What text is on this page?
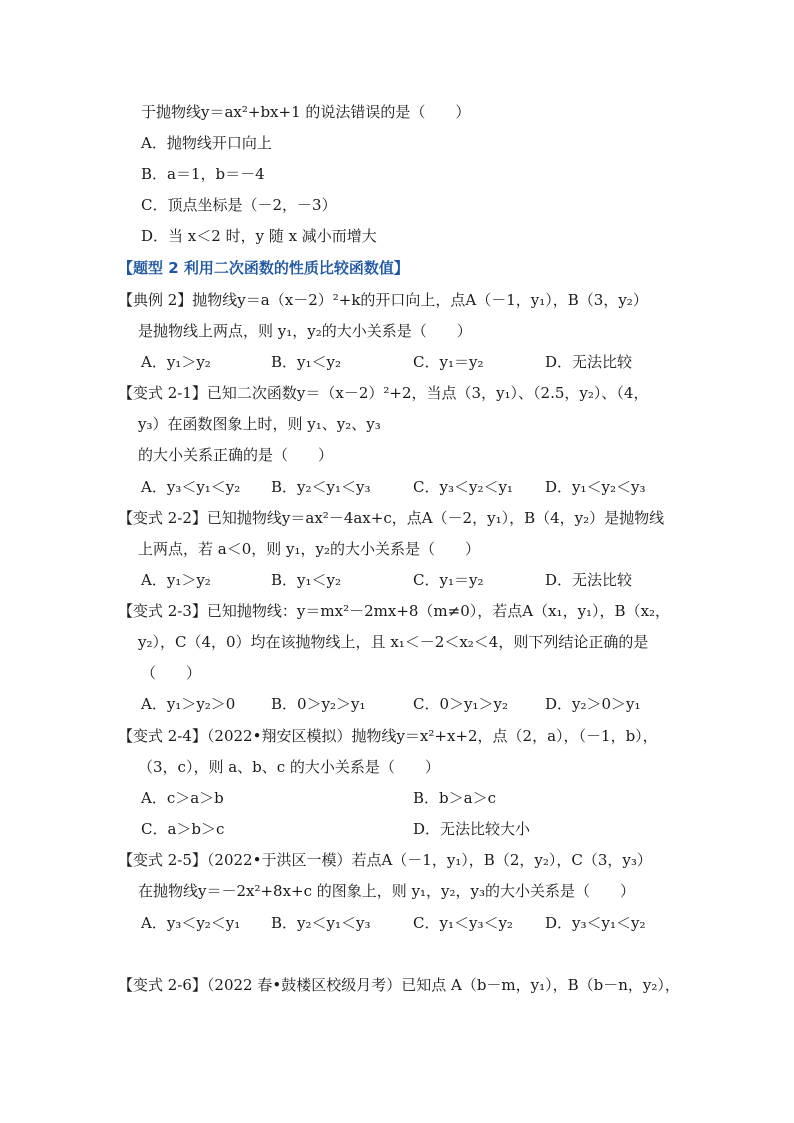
于抛物线y＝ax²+bx+1 的说法错误的是（　　）
A．抛物线开口向上
B．a＝1，b＝－4
C．顶点坐标是（－2，－3）
D．当 x＜2 时，y 随 x 减小而增大
【题型 2 利用二次函数的性质比较函数值】
【典例 2】抛物线y＝a（x－2）²+k的开口向上，点A（－1，y₁），B（3，y₂）
是抛物线上两点，则 y₁，y₂的大小关系是（　　）
A．y₁＞y₂	B．y₁＜y₂	C．y₁＝y₂	D．无法比较
【变式 2-1】已知二次函数y＝（x－2）²+2，当点（3，y₁）、（2.5，y₂）、（4，
y₃）在函数图象上时，则 y₁、y₂、y₃
的大小关系正确的是（　　）
A．y₃＜y₁＜y₂ B．y₂＜y₁＜y₃	C．y₃＜y₂＜y₁ D．y₁＜y₂＜y₃
【变式 2-2】已知抛物线y＝ax²－4ax+c，点A（－2，y₁），B（4，y₂）是抛物线
上两点，若 a＜0，则 y₁，y₂的大小关系是（　　）
A．y₁＞y₂	B．y₁＜y₂	C．y₁＝y₂	D．无法比较
【变式 2-3】已知抛物线：y＝mx²－2mx+8（m≠0），若点A（x₁，y₁），B（x₂，
y₂），C（4，0）均在该抛物线上，且 x₁＜－2＜x₂＜4，则下列结论正确的是
（　　）
A．y₁＞y₂＞0 B．0＞y₂＞y₁	C．0＞y₁＞y₂ D．y₂＞0＞y₁
【变式 2-4】（2022•翔安区模拟）抛物线y＝x²+x+2，点（2，a），（－1，b），
（3，c），则 a、b、c 的大小关系是（　　）
A．c＞a＞b	B．b＞a＞c
C．a＞b＞c	D．无法比较大小
【变式 2-5】（2022•于洪区一模）若点A（－1，y₁），B（2，y₂），C（3，y₃）
在抛物线y＝－2x²+8x+c 的图象上，则 y₁，y₂，y₃的大小关系是（　　）
A．y₃＜y₂＜y₁ B．y₂＜y₁＜y₃	C．y₁＜y₃＜y₂ D．y₃＜y₁＜y₂
【变式 2-6】（2022 春•鼓楼区校级月考）已知点 A（b－m，y₁），B（b－n，y₂），
